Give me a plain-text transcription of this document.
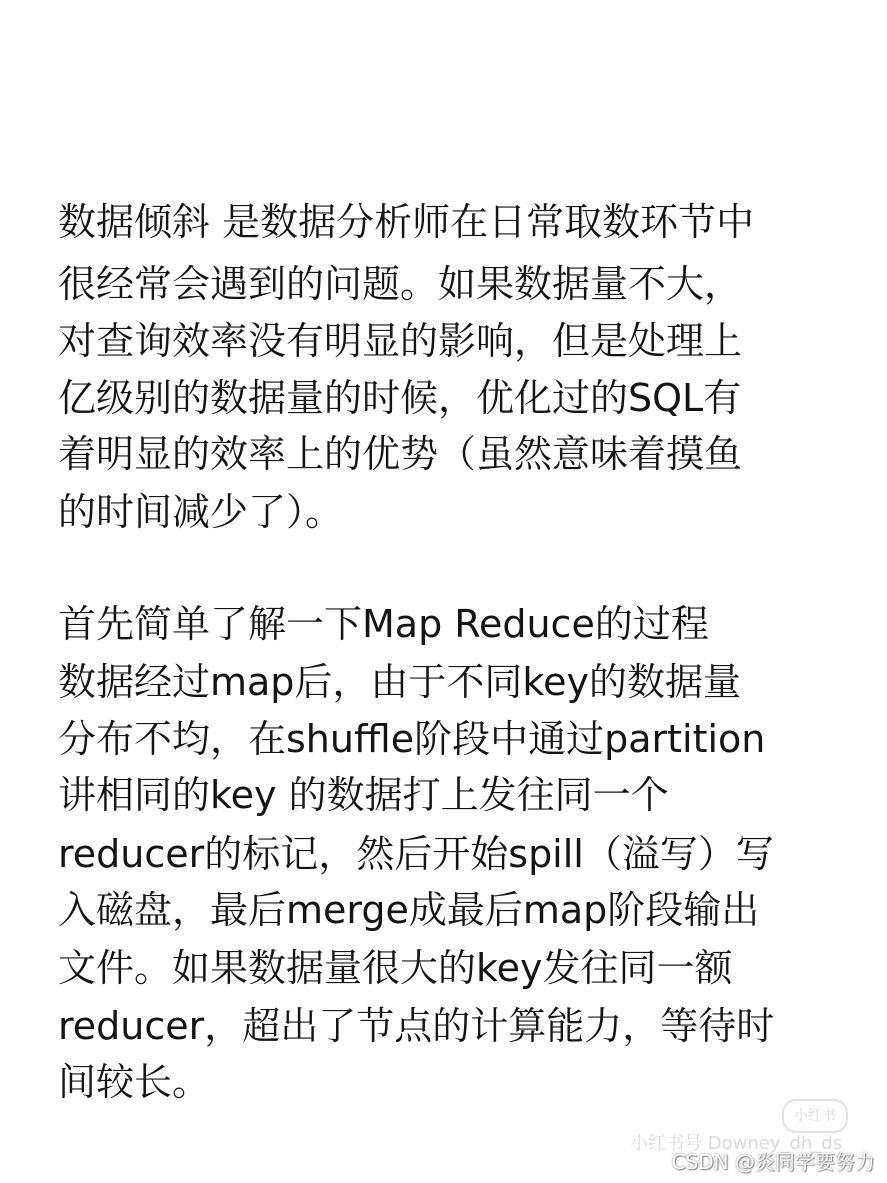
数据倾斜 是数据分析师在日常取数环节中
很经常会遇到的问题。如果数据量不大，
对查询效率没有明显的影响，但是处理上
亿级别的数据量的时候，优化过的SQL有
着明显的效率上的优势（虽然意味着摸鱼
的时间减少了）。
首先简单了解一下Map Reduce的过程
数据经过map后，由于不同key的数据量
分布不均，在shuffle阶段中通过partition
讲相同的key 的数据打上发往同一个
reducer的标记，然后开始spill（溢写）写
入磁盘，最后merge成最后map阶段输出
文件。如果数据量很大的key发往同一额
reducer，超出了节点的计算能力，等待时
间较长。
小红书
小红书号 Downey_dh_ds
CSDN @炎同学要努力
